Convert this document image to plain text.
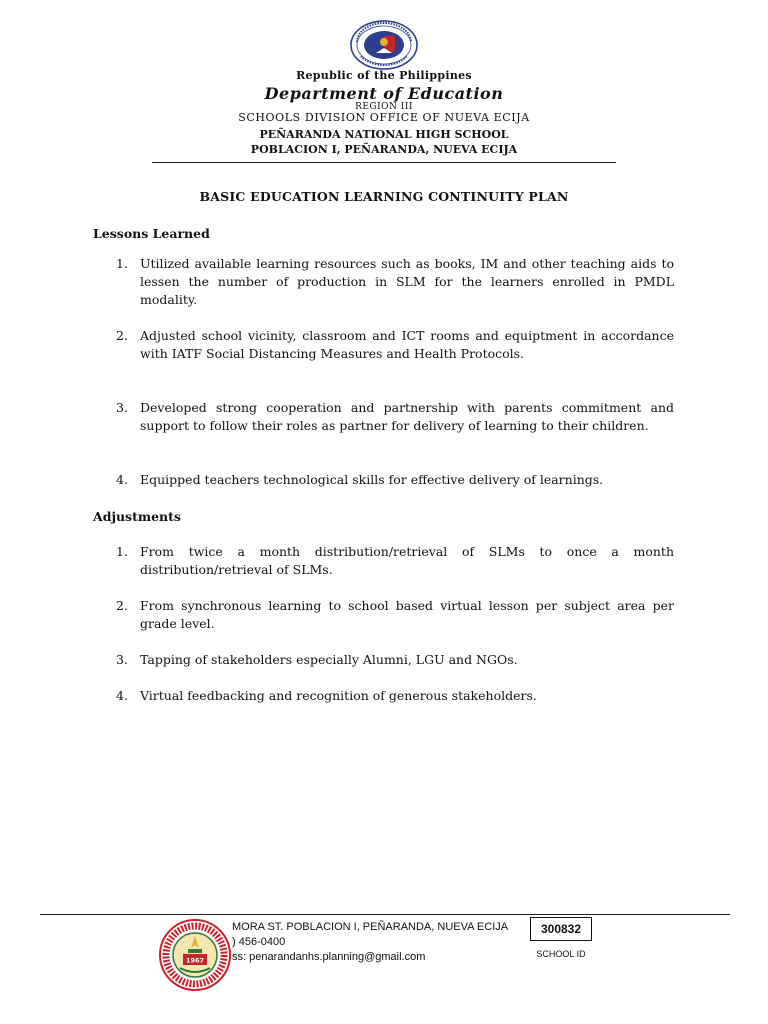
Republic of the Philippines
Department of Education
REGION III
SCHOOLS DIVISION OFFICE OF NUEVA ECIJA
PEÑARANDA NATIONAL HIGH SCHOOL
POBLACION I, PEÑARANDA, NUEVA ECIJA
BASIC EDUCATION LEARNING CONTINUITY PLAN
Lessons Learned
1. Utilized available learning resources such as books, IM and other teaching aids to lessen the number of production in SLM for the learners enrolled in PMDL modality.
2. Adjusted school vicinity, classroom and ICT rooms and equiptment in accordance with IATF Social Distancing Measures and Health Protocols.
3. Developed strong cooperation and partnership with parents commitment and support to follow their roles as partner for delivery of learning to their children.
4. Equipped teachers technological skills for effective delivery of learnings.
Adjustments
1. From twice a month distribution/retrieval of SLMs to once a month distribution/retrieval of SLMs.
2. From synchronous learning to school based virtual lesson per subject area per grade level.
3. Tapping of stakeholders especially Alumni, LGU and NGOs.
4. Virtual feedbacking and recognition of generous stakeholders.
1967
MORA ST. POBLACION I, PEÑARANDA, NUEVA ECIJA
) 456-0400
ss: penarandanhs.planning@gmail.com
300832
SCHOOL ID
